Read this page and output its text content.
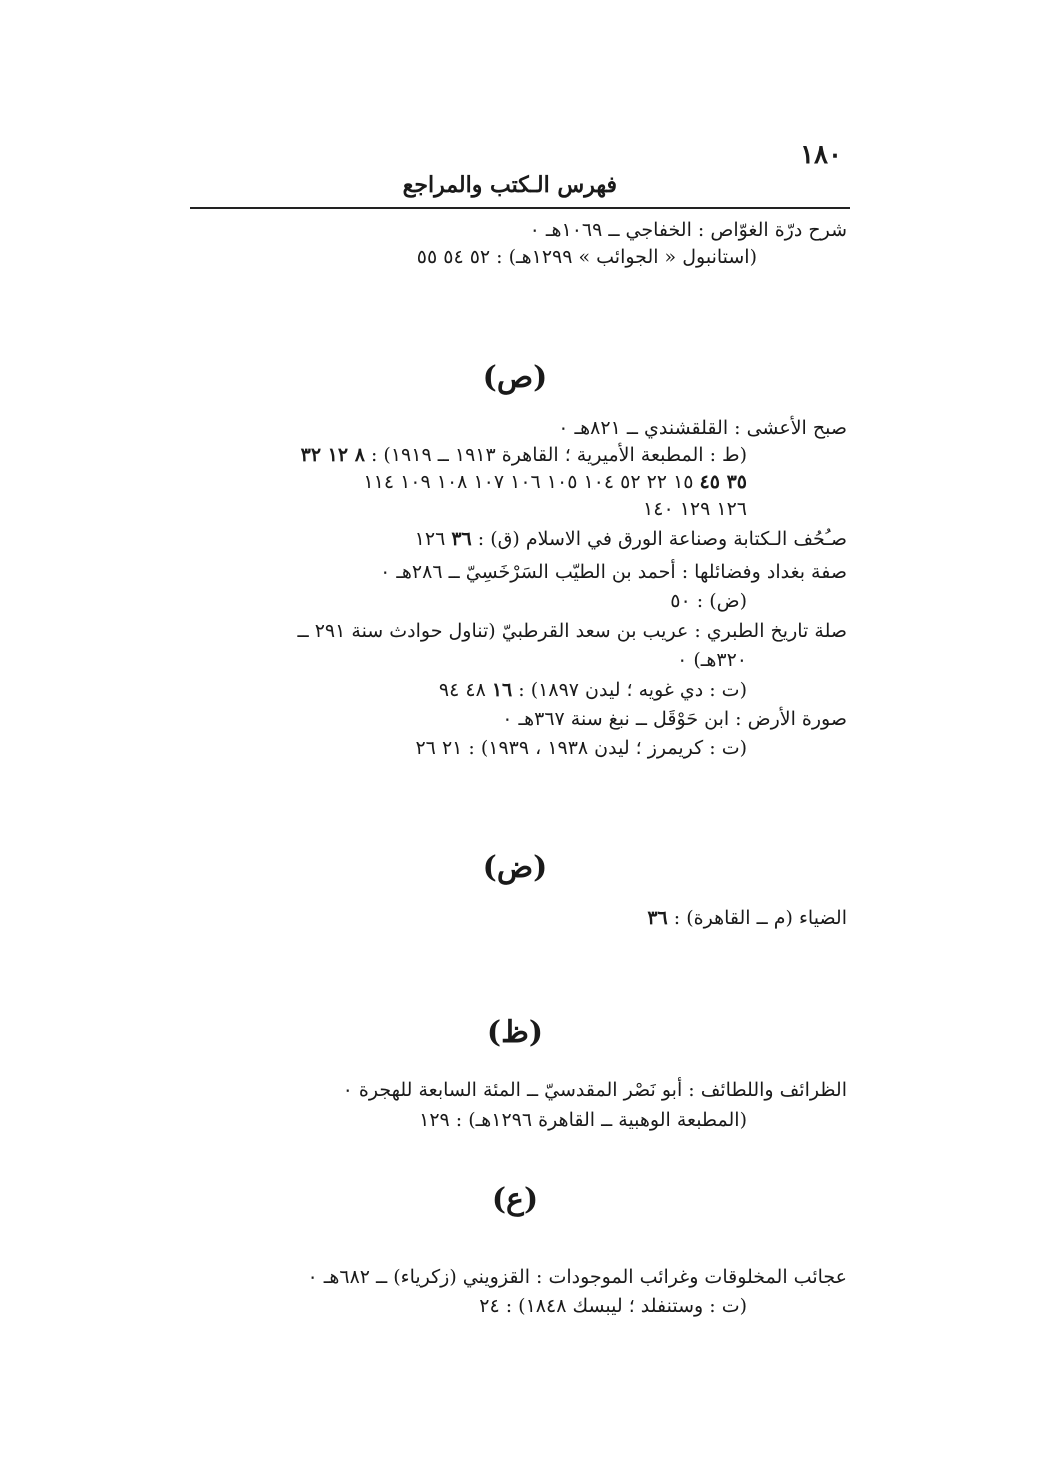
١٨٠
فهرس الـكتب والمراجع
شرح درّة الغوّاص : الخفاجي ــ ١٠٦٩هـ ٠
(استانبول « الجوائب » ١٢٩٩هـ) : ٥٢ ٥٤ ٥٥
(ص)
صبح الأعشى : القلقشندي ــ ٨٢١هـ ٠
(ط : المطبعة الأميرية ؛ القاهرة ١٩١٣ ــ ١٩١٩) : ٨ ١٢ ٣٢
٣٥ ٤٥ ١٥ ٢٢ ٥٢ ١٠٤ ١٠٥ ١٠٦ ١٠٧ ١٠٨ ١٠٩ ١١٤
١٢٦ ١٢٩ ١٤٠
صـُحُف الـكتابة وصناعة الورق في الاسلام (ق) : ٣٦ ١٢٦
صفة بغداد وفضائلها : أحمد بن الطيّب السَرْخَسِيّ ــ ٢٨٦هـ ٠
(ض) : ٥٠
صلة تاريخ الطبري : عريب بن سعد القرطبيّ (تناول حوادث سنة ٢٩١ ــ
٣٢٠هـ) ٠
(ت : دي غويه ؛ ليدن ١٨٩٧) : ١٦ ٤٨ ٩٤
صورة الأرض : ابن حَوْقَل ــ نبغ سنة ٣٦٧هـ ٠
(ت : كريمرز ؛ ليدن ١٩٣٨ ، ١٩٣٩) : ٢١ ٢٦
(ض)
الضياء (م ــ القاهرة) : ٣٦
(ظ)
الظرائف واللطائف : أبو نَصْر المقدسيّ ــ المئة السابعة للهجرة ٠
(المطبعة الوهبية ــ القاهرة ١٢٩٦هـ) : ١٢٩
(ع)
عجائب المخلوقات وغرائب الموجودات : القزويني (زكرياء) ــ ٦٨٢هـ ٠
(ت : وستنفلد ؛ ليبسك ١٨٤٨) : ٢٤
